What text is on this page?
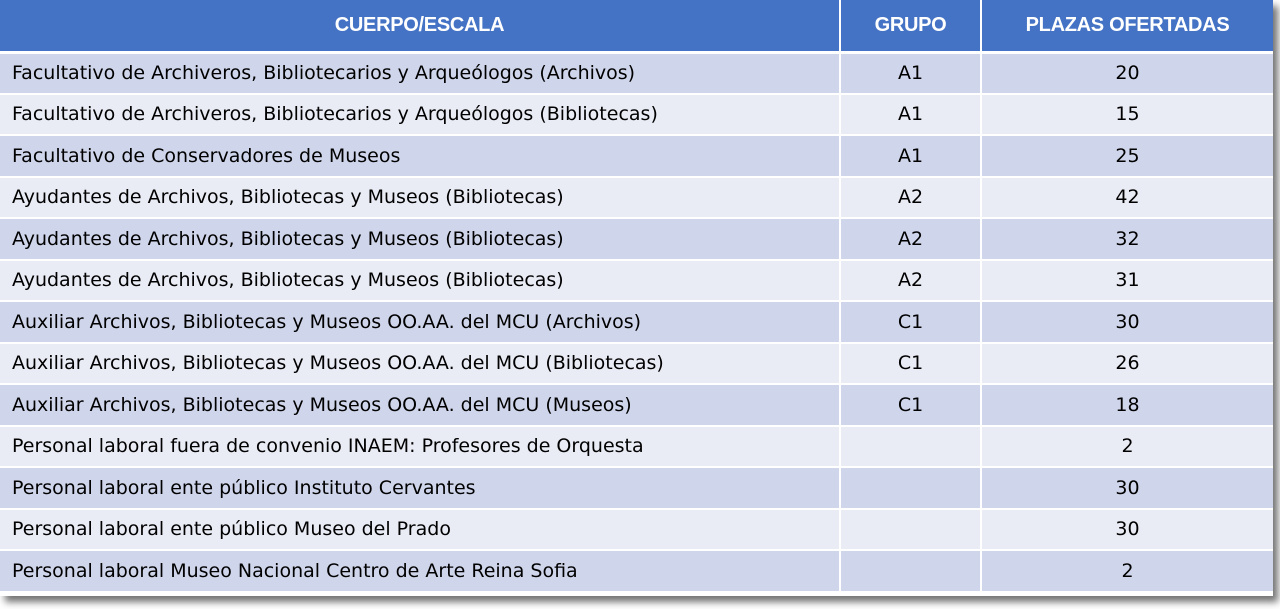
CUERPO/ESCALA	GRUPO	PLAZAS OFERTADAS
Facultativo de Archiveros, Bibliotecarios y Arqueólogos (Archivos)	A1	20
Facultativo de Archiveros, Bibliotecarios y Arqueólogos (Bibliotecas)	A1	15
Facultativo de Conservadores de Museos	A1	25
Ayudantes de Archivos, Bibliotecas y Museos (Bibliotecas)	A2	42
Ayudantes de Archivos, Bibliotecas y Museos (Bibliotecas)	A2	32
Ayudantes de Archivos, Bibliotecas y Museos (Bibliotecas)	A2	31
Auxiliar Archivos, Bibliotecas y Museos OO.AA. del MCU (Archivos)	C1	30
Auxiliar Archivos, Bibliotecas y Museos OO.AA. del MCU (Bibliotecas)	C1	26
Auxiliar Archivos, Bibliotecas y Museos OO.AA. del MCU (Museos)	C1	18
Personal laboral fuera de convenio INAEM: Profesores de Orquesta		2
Personal laboral ente público Instituto Cervantes		30
Personal laboral ente público Museo del Prado		30
Personal laboral Museo Nacional Centro de Arte Reina Sofia		2
